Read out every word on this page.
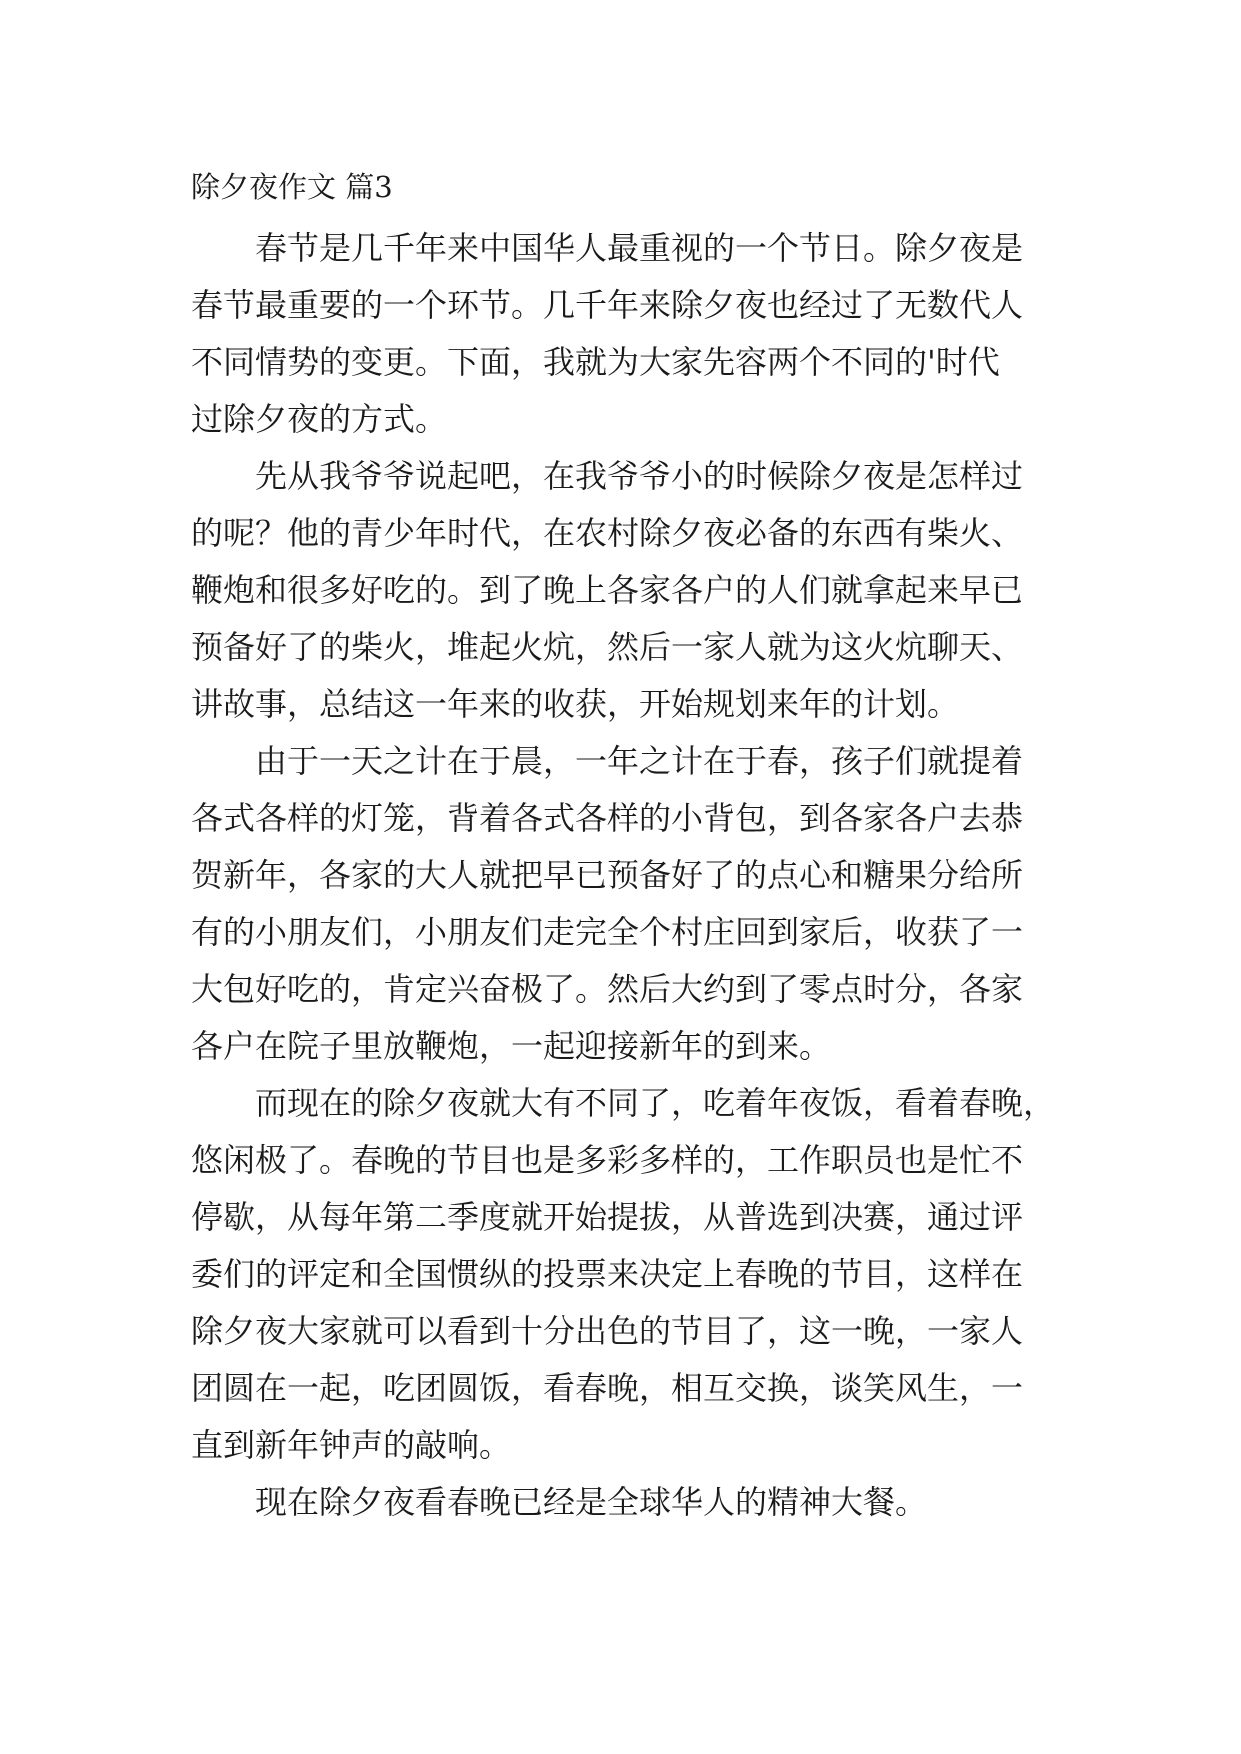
除夕夜作文 篇3
春节是几千年来中国华人最重视的一个节日。除夕夜是
春节最重要的一个环节。几千年来除夕夜也经过了无数代人
不同情势的变更。下面，我就为大家先容两个不同的'时代
过除夕夜的方式。
先从我爷爷说起吧，在我爷爷小的时候除夕夜是怎样过
的呢？他的青少年时代，在农村除夕夜必备的东西有柴火、
鞭炮和很多好吃的。到了晚上各家各户的人们就拿起来早已
预备好了的柴火，堆起火炕，然后一家人就为这火炕聊天、
讲故事，总结这一年来的收获，开始规划来年的计划。
由于一天之计在于晨，一年之计在于春，孩子们就提着
各式各样的灯笼，背着各式各样的小背包，到各家各户去恭
贺新年，各家的大人就把早已预备好了的点心和糖果分给所
有的小朋友们，小朋友们走完全个村庄回到家后，收获了一
大包好吃的，肯定兴奋极了。然后大约到了零点时分，各家
各户在院子里放鞭炮，一起迎接新年的到来。
而现在的除夕夜就大有不同了，吃着年夜饭，看着春晚，
悠闲极了。春晚的节目也是多彩多样的，工作职员也是忙不
停歇，从每年第二季度就开始提拔，从普选到决赛，通过评
委们的评定和全国惯纵的投票来决定上春晚的节目，这样在
除夕夜大家就可以看到十分出色的节目了，这一晚，一家人
团圆在一起，吃团圆饭，看春晚，相互交换，谈笑风生，一
直到新年钟声的敲响。
现在除夕夜看春晚已经是全球华人的精神大餐。
